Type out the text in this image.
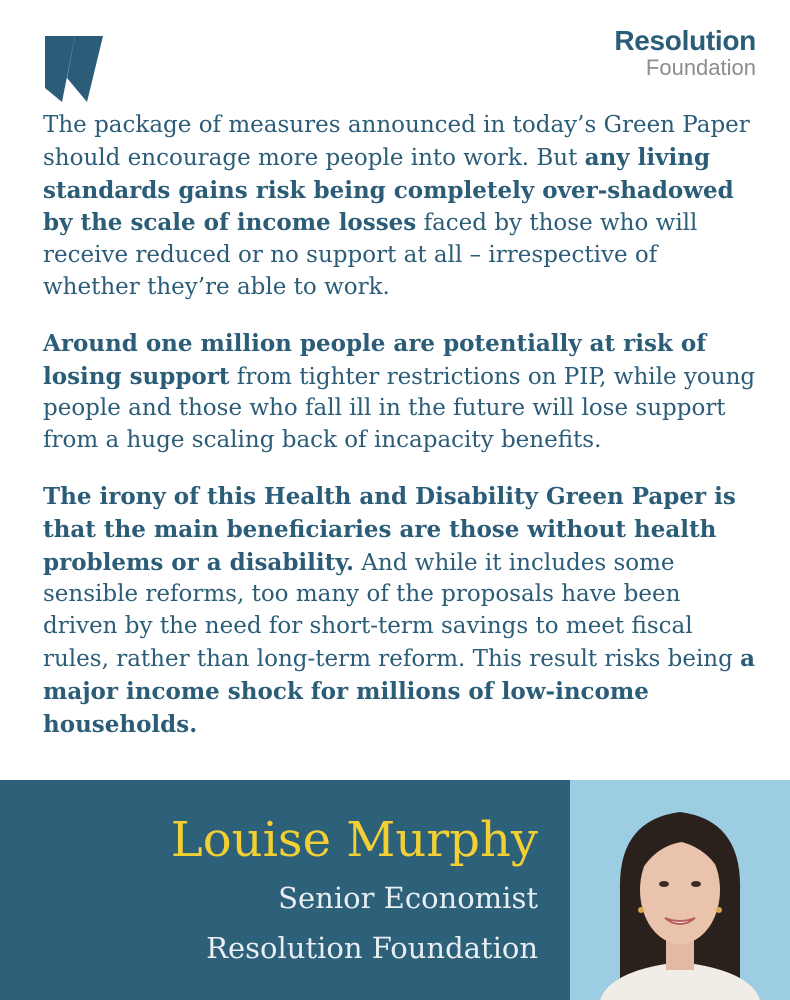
Resolution
Foundation

The package of measures announced in today’s Green Paper should encourage more people into work. But any living standards gains risk being completely over-shadowed by the scale of income losses faced by those who will receive reduced or no support at all – irrespective of whether they’re able to work.

Around one million people are potentially at risk of losing support from tighter restrictions on PIP, while young people and those who fall ill in the future will lose support from a huge scaling back of incapacity benefits.

The irony of this Health and Disability Green Paper is that the main beneficiaries are those without health problems or a disability. And while it includes some sensible reforms, too many of the proposals have been driven by the need for short-term savings to meet fiscal rules, rather than long-term reform. This result risks being a major income shock for millions of low-income households.

Louise Murphy
Senior Economist
Resolution Foundation
